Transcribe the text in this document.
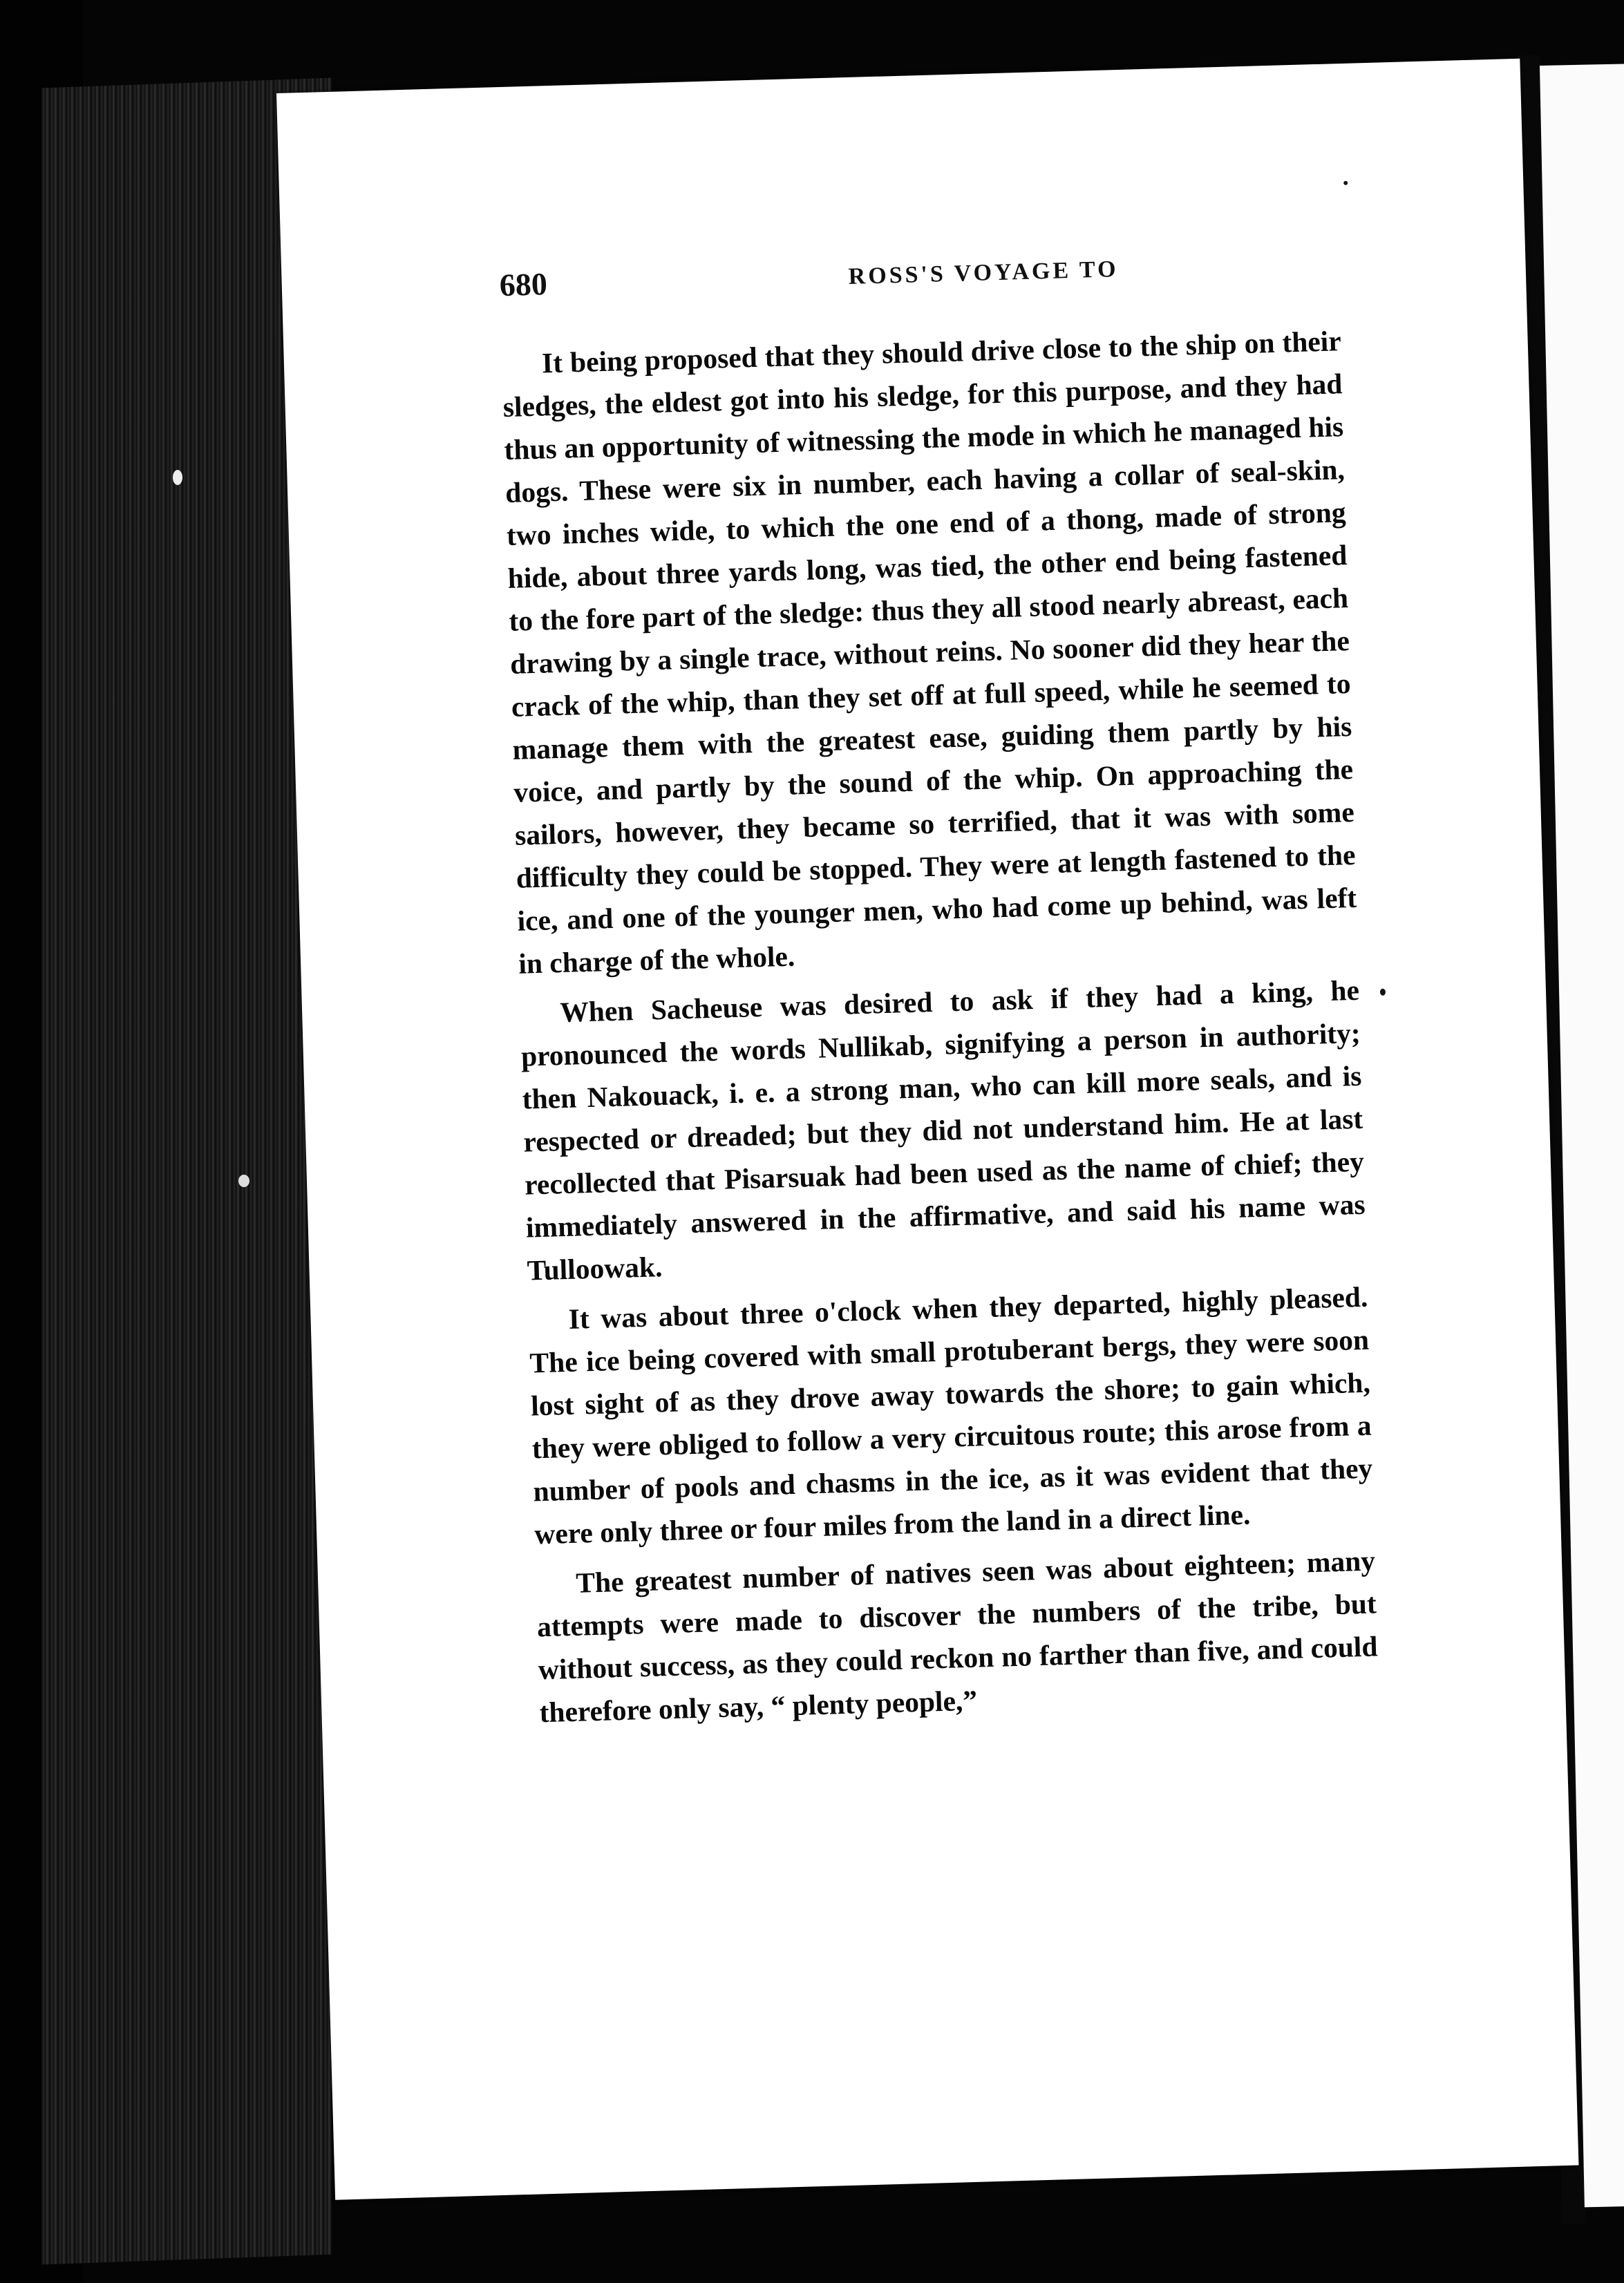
680	ROSS'S VOYAGE TO

It being proposed that they should drive close to the ship on their sledges, the eldest got into his sledge, for this purpose, and they had thus an opportunity of witnessing the mode in which he managed his dogs. These were six in number, each having a collar of seal-skin, two inches wide, to which the one end of a thong, made of strong hide, about three yards long, was tied, the other end being fastened to the fore part of the sledge: thus they all stood nearly abreast, each drawing by a single trace, without reins. No sooner did they hear the crack of the whip, than they set off at full speed, while he seemed to manage them with the greatest ease, guiding them partly by his voice, and partly by the sound of the whip. On approaching the sailors, however, they became so terrified, that it was with some difficulty they could be stopped. They were at length fastened to the ice, and one of the younger men, who had come up behind, was left in charge of the whole.

When Sacheuse was desired to ask if they had a king, he pronounced the words Nullikab, signifying a person in authority; then Nakouack, i. e. a strong man, who can kill more seals, and is respected or dreaded; but they did not understand him. He at last recollected that Pisarsuak had been used as the name of chief; they immediately answered in the affirmative, and said his name was Tulloowak.

It was about three o'clock when they departed, highly pleased. The ice being covered with small protuberant bergs, they were soon lost sight of as they drove away towards the shore; to gain which, they were obliged to follow a very circuitous route; this arose from a number of pools and chasms in the ice, as it was evident that they were only three or four miles from the land in a direct line.

The greatest number of natives seen was about eighteen; many attempts were made to discover the numbers of the tribe, but without success, as they could reckon no farther than five, and could therefore only say, “ plenty people,”
